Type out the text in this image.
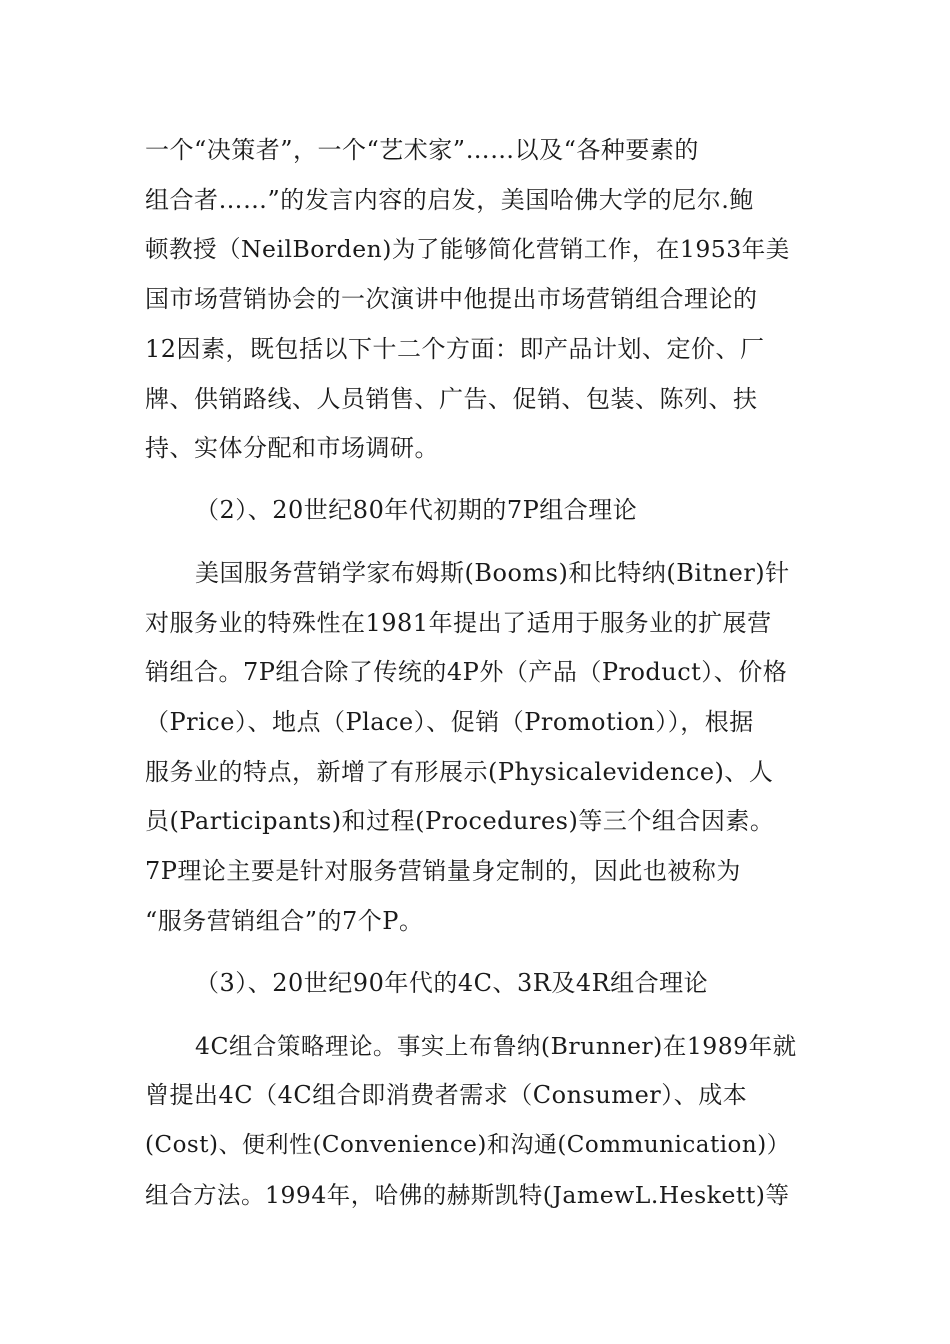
一个“决策者”，一个“艺术家”……以及“各种要素的
组合者……”的发言内容的启发，美国哈佛大学的尼尔.鲍
顿教授（NeilBorden)为了能够简化营销工作，在1953年美
国市场营销协会的一次演讲中他提出市场营销组合理论的
12因素，既包括以下十二个方面：即产品计划、定价、厂
牌、供销路线、人员销售、广告、促销、包装、陈列、扶
持、实体分配和市场调研。
（2）、20世纪80年代初期的7P组合理论
美国服务营销学家布姆斯(Booms)和比特纳(Bitner)针
对服务业的特殊性在1981年提出了适用于服务业的扩展营
销组合。7P组合除了传统的4P外（产品（Product）、价格
（Price）、地点（Place）、促销（Promotion）），根据
服务业的特点，新增了有形展示(Physicalevidence)、人
员(Participants)和过程(Procedures)等三个组合因素。
7P理论主要是针对服务营销量身定制的，因此也被称为
“服务营销组合”的7个P。
（3）、20世纪90年代的4C、3R及4R组合理论
4C组合策略理论。事实上布鲁纳(Brunner)在1989年就
曾提出4C（4C组合即消费者需求（Consumer）、成本
(Cost)、便利性(Convenience)和沟通(Communication)）
组合方法。1994年，哈佛的赫斯凯特(JamewL.Heskett)等
